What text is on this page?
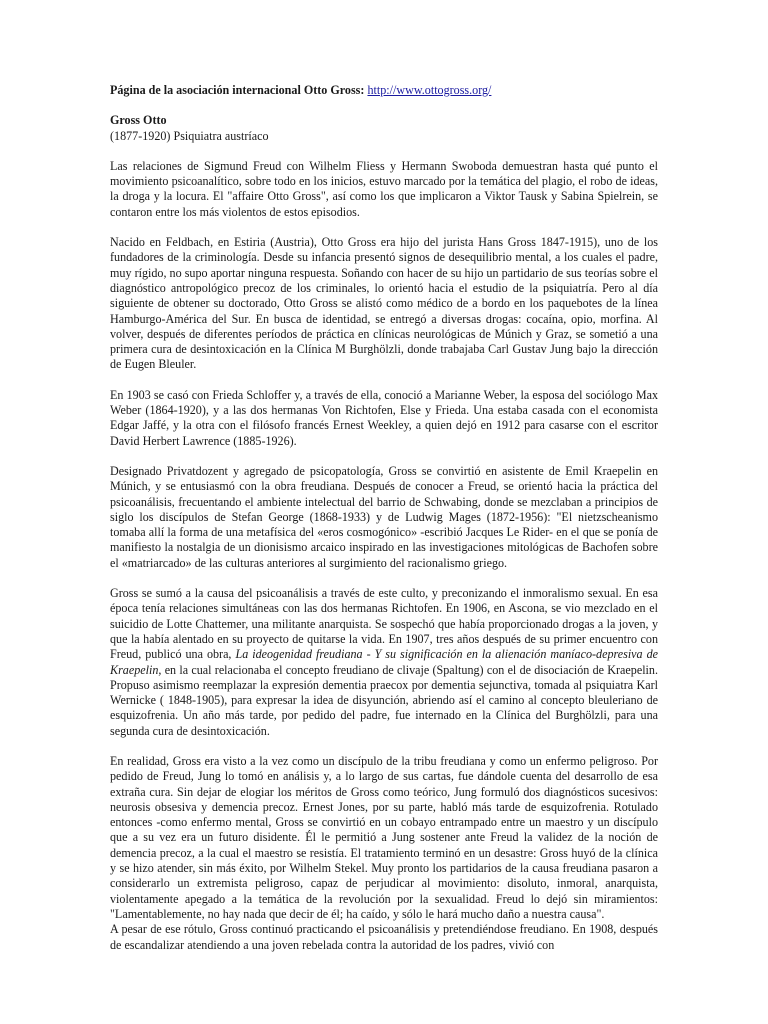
Página de la asociación internacional Otto Gross: http://www.ottogross.org/
Gross Otto
(1877-1920) Psiquiatra austríaco

Las relaciones de Sigmund Freud con Wilhelm Fliess y Hermann Swoboda demuestran hasta qué punto el movimiento psicoanalítico, sobre todo en los inicios, estuvo marcado por la temática del plagio, el robo de ideas, la droga y la locura. El "affaire Otto Gross", así como los que implicaron a Viktor Tausk y Sabina Spielrein, se contaron entre los más violentos de estos episodios.

Nacido en Feldbach, en Estiria (Austria), Otto Gross era hijo del jurista Hans Gross 1847-1915), uno de los fundadores de la criminología. Desde su infancia presentó signos de desequilibrio mental, a los cuales el padre, muy rígido, no supo aportar ninguna respuesta. Soñando con hacer de su hijo un partidario de sus teorías sobre el diagnóstico antropológico precoz de los criminales, lo orientó hacia el estudio de la psiquiatría. Pero al día siguiente de obtener su doctorado, Otto Gross se alistó como médico de a bordo en los paquebotes de la línea Hamburgo-América del Sur. En busca de identidad, se entregó a diversas drogas: cocaína, opio, morfina. Al volver, después de diferentes períodos de práctica en clínicas neurológicas de Múnich y Graz, se sometió a una primera cura de desintoxicación en la Clínica M Burghölzli, donde trabajaba Carl Gustav Jung bajo la dirección de Eugen Bleuler.

En 1903 se casó con Frieda Schloffer y, a través de ella, conoció a Marianne Weber, la esposa del sociólogo Max Weber (1864-1920), y a las dos hermanas Von Richtofen, Else y Frieda. Una estaba casada con el economista Edgar Jaffé, y la otra con el filósofo francés Ernest Weekley, a quien dejó en 1912 para casarse con el escritor David Herbert Lawrence (1885-1926).

Designado Privatdozent y agregado de psicopatología, Gross se convirtió en asistente de Emil Kraepelin en Múnich, y se entusiasmó con la obra freudiana. Después de conocer a Freud, se orientó hacia la práctica del psicoanálisis, frecuentando el ambiente intelectual del barrio de Schwabing, donde se mezclaban a principios de siglo los discípulos de Stefan George (1868-1933) y de Ludwig Mages (1872-1956): "El nietzscheanismo tomaba allí la forma de una metafísica del «eros cosmogónico» -escribió Jacques Le Rider- en el que se ponía de manifiesto la nostalgia de un dionisismo arcaico inspirado en las investigaciones mitológicas de Bachofen sobre el «matriarcado» de las culturas anteriores al surgimiento del racionalismo griego.

Gross se sumó a la causa del psicoanálisis a través de este culto, y preconizando el inmoralismo sexual. En esa época tenía relaciones simultáneas con las dos hermanas Richtofen. En 1906, en Ascona, se vio mezclado en el suicidio de Lotte Chattemer, una militante anarquista. Se sospechó que había proporcionado drogas a la joven, y que la había alentado en su proyecto de quitarse la vida. En 1907, tres años después de su primer encuentro con Freud, publicó una obra, La ideogenidad freudiana - Y su significación en la alienación maníaco-depresiva de Kraepelin, en la cual relacionaba el concepto freudiano de clivaje (Spaltung) con el de disociación de Kraepelin. Propuso asimismo reemplazar la expresión dementia praecox por dementia sejunctiva, tomada al psiquiatra Karl Wernicke ( 1848-1905), para expresar la idea de disyunción, abriendo así el camino al concepto bleuleriano de esquizofrenia. Un año más tarde, por pedido del padre, fue internado en la Clínica del Burghölzli, para una segunda cura de desintoxicación.

En realidad, Gross era visto a la vez como un discípulo de la tribu freudiana y como un enfermo peligroso. Por pedido de Freud, Jung lo tomó en análisis y, a lo largo de sus cartas, fue dándole cuenta del desarrollo de esa extraña cura. Sin dejar de elogiar los méritos de Gross como teórico, Jung formuló dos diagnósticos sucesivos: neurosis obsesiva y demencia precoz. Ernest Jones, por su parte, habló más tarde de esquizofrenia. Rotulado entonces -como enfermo mental, Gross se convirtió en un cobayo entrampado entre un maestro y un discípulo que a su vez era un futuro disidente. Él le permitió a Jung sostener ante Freud la validez de la noción de demencia precoz, a la cual el maestro se resistía. El tratamiento terminó en un desastre: Gross huyó de la clínica y se hizo atender, sin más éxito, por Wilhelm Stekel. Muy pronto los partidarios de la causa freudiana pasaron a considerarlo un extremista peligroso, capaz de perjudicar al movimiento: disoluto, inmoral, anarquista, violentamente apegado a la temática de la revolución por la sexualidad. Freud lo dejó sin miramientos: "Lamentablemente, no hay nada que decir de él; ha caído, y sólo le hará mucho daño a nuestra causa".

A pesar de ese rótulo, Gross continuó practicando el psicoanálisis y pretendiéndose freudiano. En 1908, después de escandalizar atendiendo a una joven rebelada contra la autoridad de los padres, vivió con
